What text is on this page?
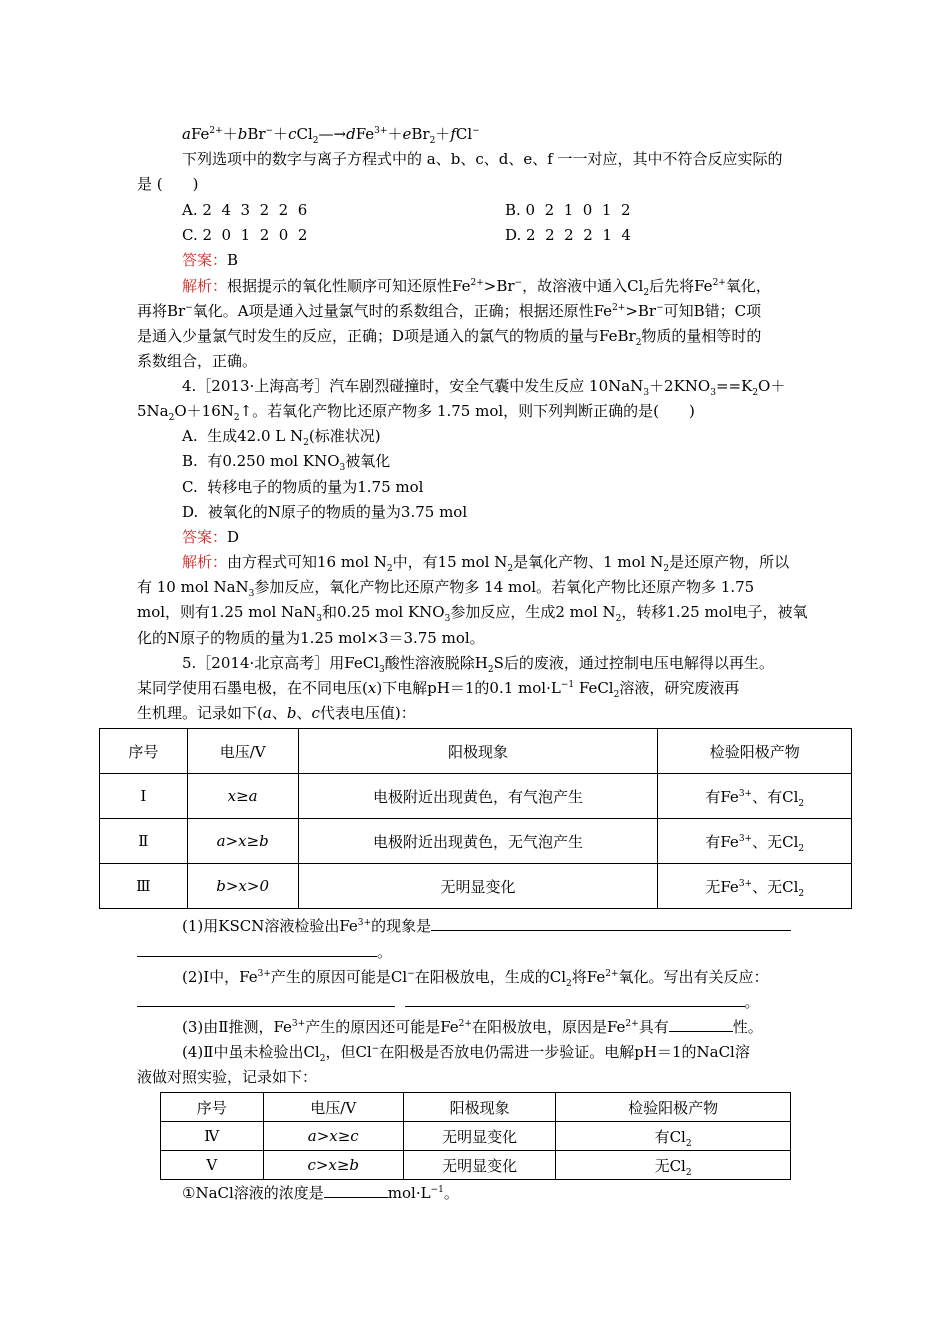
aFe$^{2+}$＋bBr−＋cCl$_2$—→dFe$^{3+}$＋eBr$_2$＋fCl−
下列选项中的数字与离子方程式中的 a、b、c、d、e、f 一一对应，其中不符合反应实际的
是 (　　)
A. 2  4  3  2  2  6	B. 0  2  1  0  1  2
C. 2  0  1  2  0  2	D. 2  2  2  2  1  4
答案：B
解析：根据提示的氧化性顺序可知还原性$Fe^{2+}>Br^-$，故溶液中通入$Cl_2$后先将$Fe^{2+}$氧化，
再将Br−氧化。A项是通入过量氯气时的系数组合，正确；根据还原性$Fe^{2+}>Br^-$可知B错；C项
是通入少量氯气时发生的反应，正确；D项是通入的氯气的物质的量与FeBr$_2$物质的量相等时的
系数组合，正确。
4.［2013·上海高考］汽车剧烈碰撞时，安全气囊中发生反应 $10NaN_3+2KNO_3==K_2O+$
$5Na_2O+16N_2↑$。若氧化产物比还原产物多 1.75 mol，则下列判断正确的是(　　)
A.  生成42.0 L $N_2$(标准状况)
B.  有0.250 mol $KNO_3$被氧化
C.  转移电子的物质的量为1.75 mol
D.  被氧化的N原子的物质的量为3.75 mol
答案：D
解析：由方程式可知16 mol $N_2$中，有15 mol $N_2$是氧化产物、1 mol $N_2$是还原产物，所以
有 10 mol NaN$_3$参加反应，氧化产物比还原产物多 14 mol。若氧化产物比还原产物多 1.75
mol，则有1.25 mol NaN$_3$和0.25 mol $KNO_3$参加反应，生成2 mol $N_2$，转移1.25 mol电子，被氧
化的N原子的物质的量为1.25 mol×3＝3.75 mol。
5.［2014·北京高考］用FeCl$_3$酸性溶液脱除$H_2S$后的废液，通过控制电压电解得以再生。
某同学使用石墨电极，在不同电压(x)下电解pH＝1的0.1 $mol\cdot L^{-1}$ FeCl$_2$溶液，研究废液再
生机理。记录如下(a、b、c代表电压值)：
序号	电压/V	阳极现象	检验阳极产物
Ⅰ	x≥a	电极附近出现黄色，有气泡产生	有$Fe^{3+}$、有$Cl_2$
Ⅱ	a>x≥b	电极附近出现黄色，无气泡产生	有$Fe^{3+}$、无$Cl_2$
Ⅲ	b>x>0	无明显变化	无$Fe^{3+}$、无$Cl_2$
(1)用KSCN溶液检验出$Fe^{3+}$的现象是
。
(2)Ⅰ中，$Fe^{3+}$产生的原因可能是Cl−在阳极放电，生成的$Cl_2$将$Fe^{2+}$氧化。写出有关反应：
。
(3)由Ⅱ推测，$Fe^{3+}$产生的原因还可能是$Fe^{2+}$在阳极放电，原因是$Fe^{2+}$具有	性。
(4)Ⅱ中虽未检验出$Cl_2$，但Cl−在阳极是否放电仍需进一步验证。电解pH＝1的NaCl溶
液做对照实验，记录如下：
序号	电压/V	阳极现象	检验阳极产物
Ⅳ	a>x≥c	无明显变化	有$Cl_2$
Ⅴ	c>x≥b	无明显变化	无$Cl_2$
①NaCl溶液的浓度是	$mol\cdot L^{-1}$。
